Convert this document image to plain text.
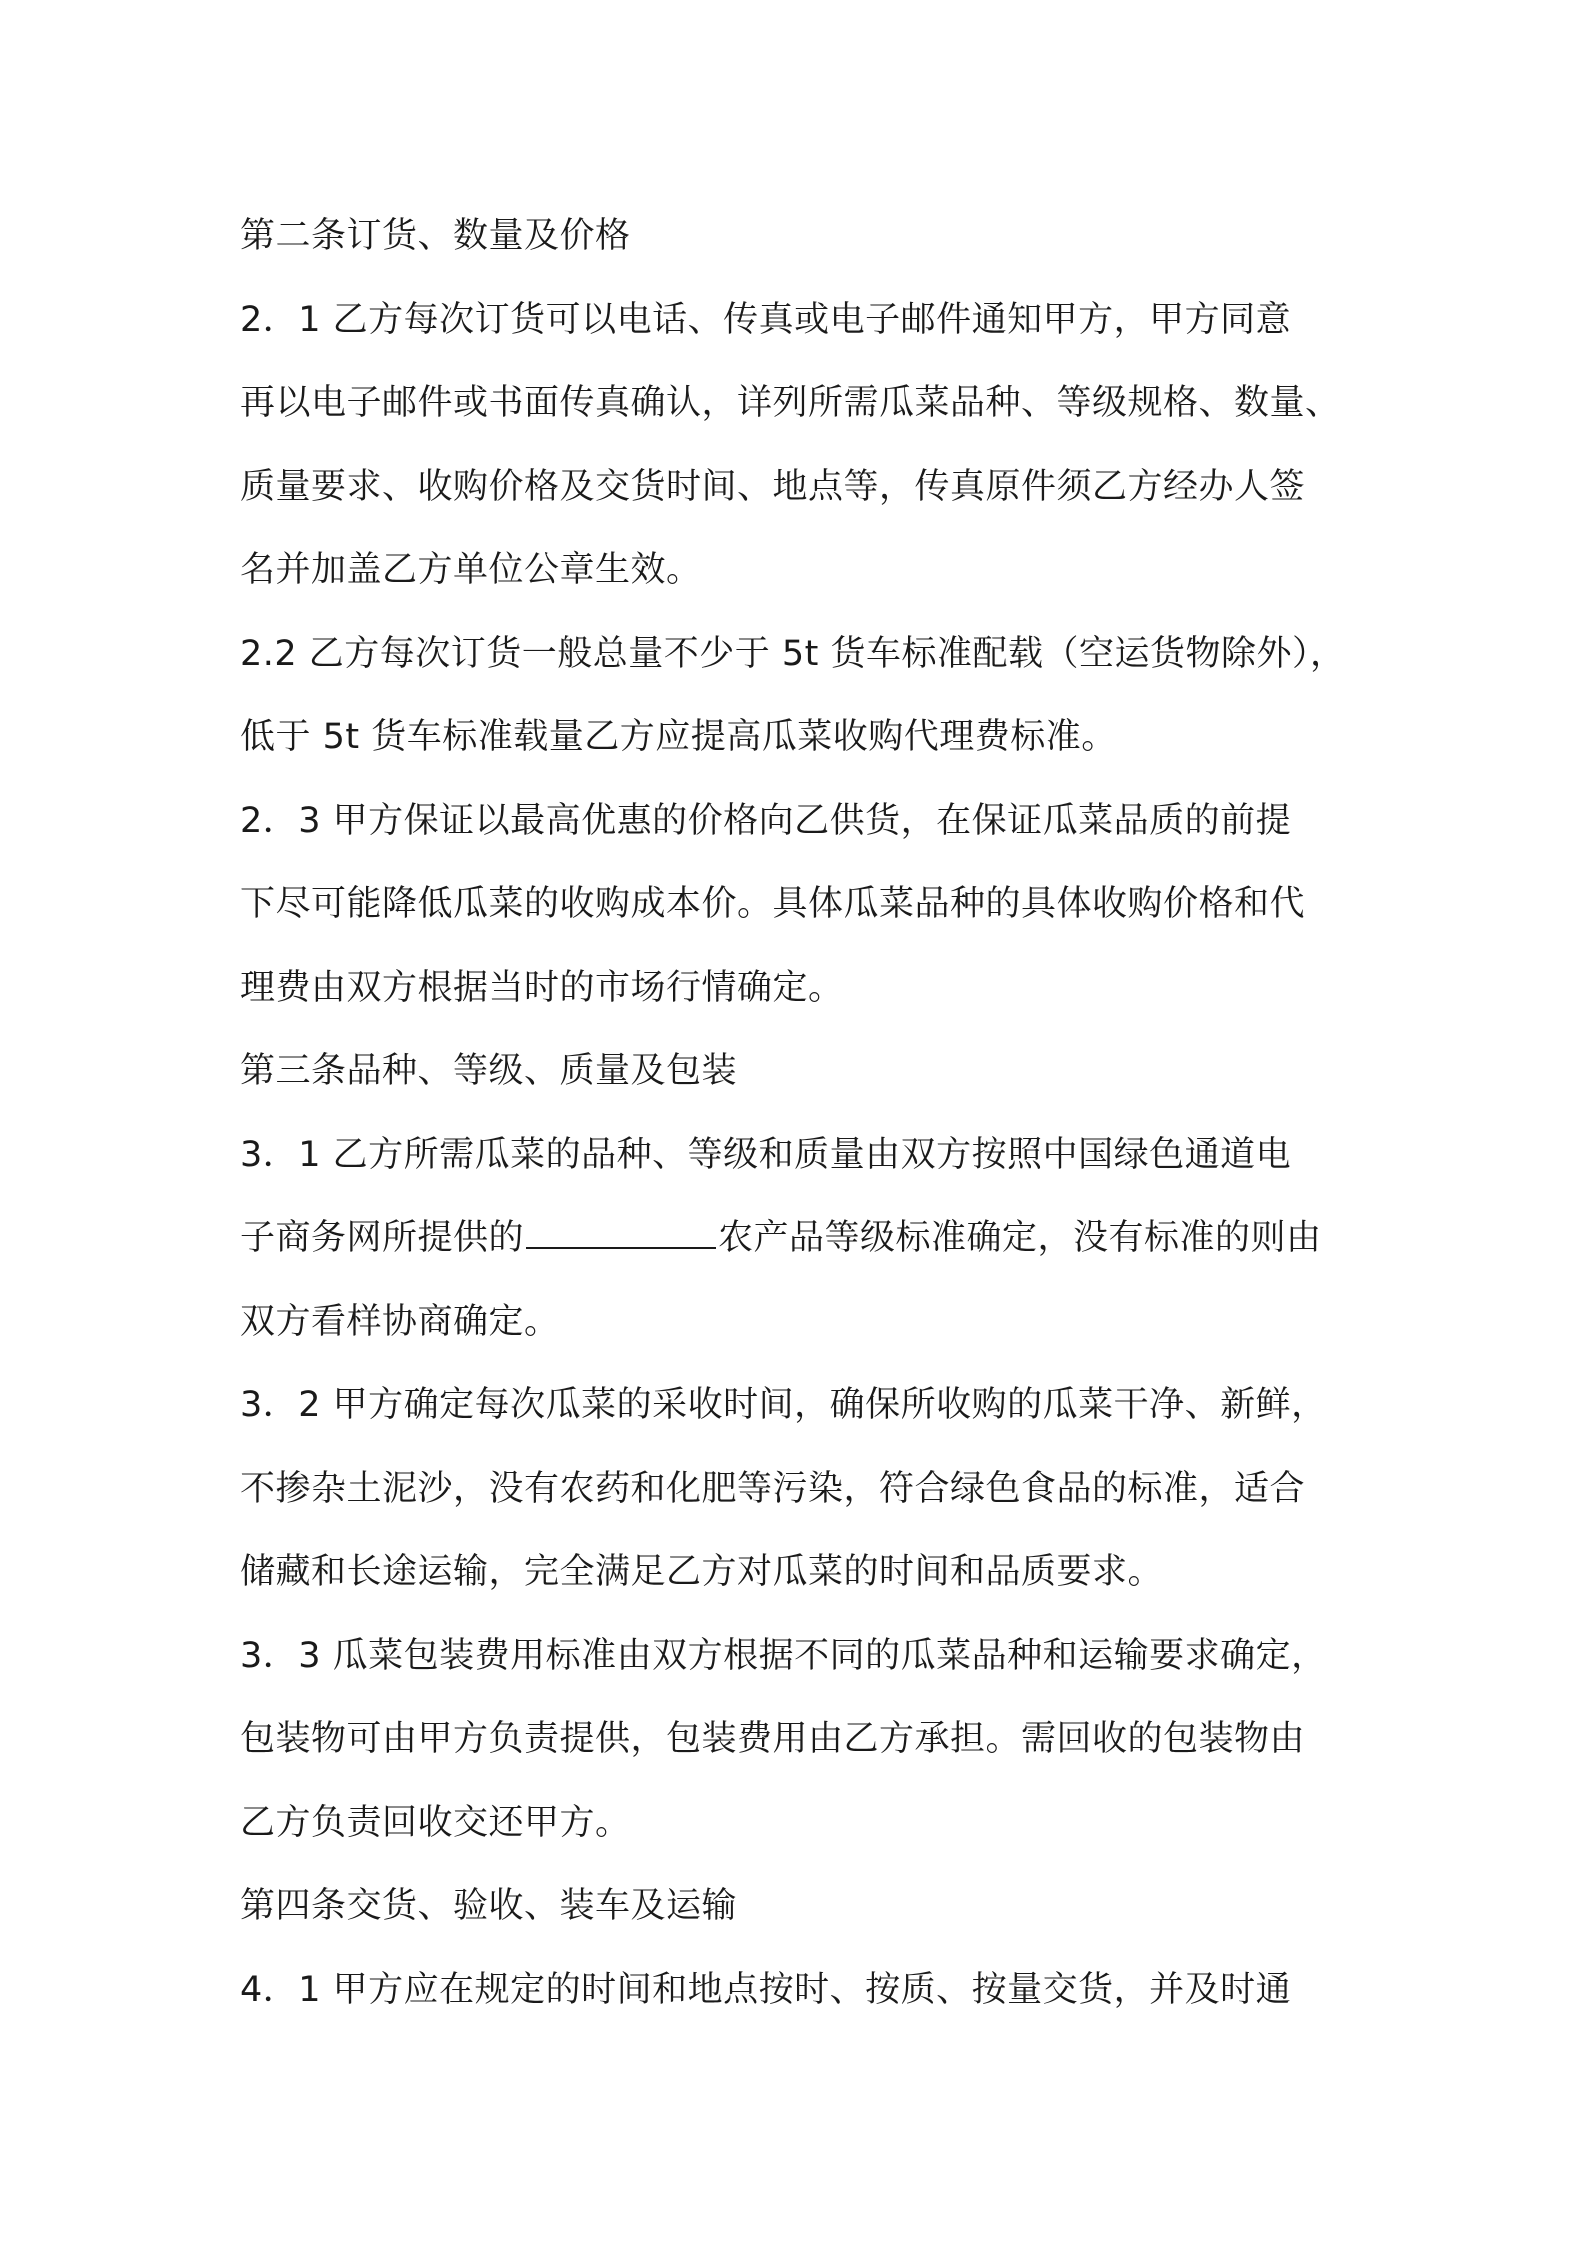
第二条订货、数量及价格
2．1 乙方每次订货可以电话、传真或电子邮件通知甲方，甲方同意
再以电子邮件或书面传真确认，详列所需瓜菜品种、等级规格、数量、
质量要求、收购价格及交货时间、地点等，传真原件须乙方经办人签
名并加盖乙方单位公章生效。
2.2 乙方每次订货一般总量不少于 5t 货车标准配载（空运货物除外），
低于 5t 货车标准载量乙方应提高瓜菜收购代理费标准。
2．3 甲方保证以最高优惠的价格向乙供货，在保证瓜菜品质的前提
下尽可能降低瓜菜的收购成本价。具体瓜菜品种的具体收购价格和代
理费由双方根据当时的市场行情确定。
第三条品种、等级、质量及包装
3．1 乙方所需瓜菜的品种、等级和质量由双方按照中国绿色通道电
子商务网所提供的	农产品等级标准确定，没有标准的则由
双方看样协商确定。
3．2 甲方确定每次瓜菜的采收时间，确保所收购的瓜菜干净、新鲜，
不掺杂土泥沙，没有农药和化肥等污染，符合绿色食品的标准，适合
储藏和长途运输，完全满足乙方对瓜菜的时间和品质要求。
3．3 瓜菜包装费用标准由双方根据不同的瓜菜品种和运输要求确定，
包装物可由甲方负责提供，包装费用由乙方承担。需回收的包装物由
乙方负责回收交还甲方。
第四条交货、验收、装车及运输
4．1 甲方应在规定的时间和地点按时、按质、按量交货，并及时通
